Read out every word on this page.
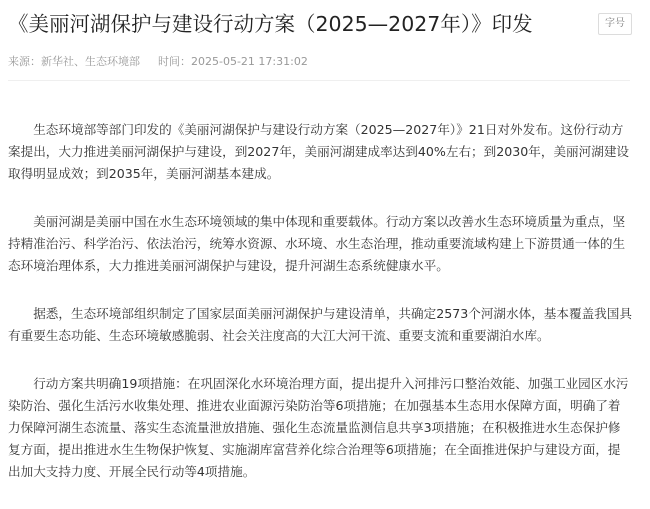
《美丽河湖保护与建设行动方案（2025—2027年）》印发	字号
来源：新华社、生态环境部 时间：2025-05-21 17:31:02

生态环境部等部门印发的《美丽河湖保护与建设行动方案（2025—2027年）》21日对外发布。这份行动方案提出，大力推进美丽河湖保护与建设，到2027年，美丽河湖建成率达到40%左右；到2030年，美丽河湖建设取得明显成效；到2035年，美丽河湖基本建成。

美丽河湖是美丽中国在水生态环境领域的集中体现和重要载体。行动方案以改善水生态环境质量为重点，坚持精准治污、科学治污、依法治污，统筹水资源、水环境、水生态治理，推动重要流域构建上下游贯通一体的生态环境治理体系，大力推进美丽河湖保护与建设，提升河湖生态系统健康水平。

据悉，生态环境部组织制定了国家层面美丽河湖保护与建设清单，共确定2573个河湖水体，基本覆盖我国具有重要生态功能、生态环境敏感脆弱、社会关注度高的大江大河干流、重要支流和重要湖泊水库。

行动方案共明确19项措施：在巩固深化水环境治理方面，提出提升入河排污口整治效能、加强工业园区水污染防治、强化生活污水收集处理、推进农业面源污染防治等6项措施；在加强基本生态用水保障方面，明确了着力保障河湖生态流量、落实生态流量泄放措施、强化生态流量监测信息共享3项措施；在积极推进水生态保护修复方面，提出推进水生生物保护恢复、实施湖库富营养化综合治理等6项措施；在全面推进保护与建设方面，提出加大支持力度、开展全民行动等4项措施。
